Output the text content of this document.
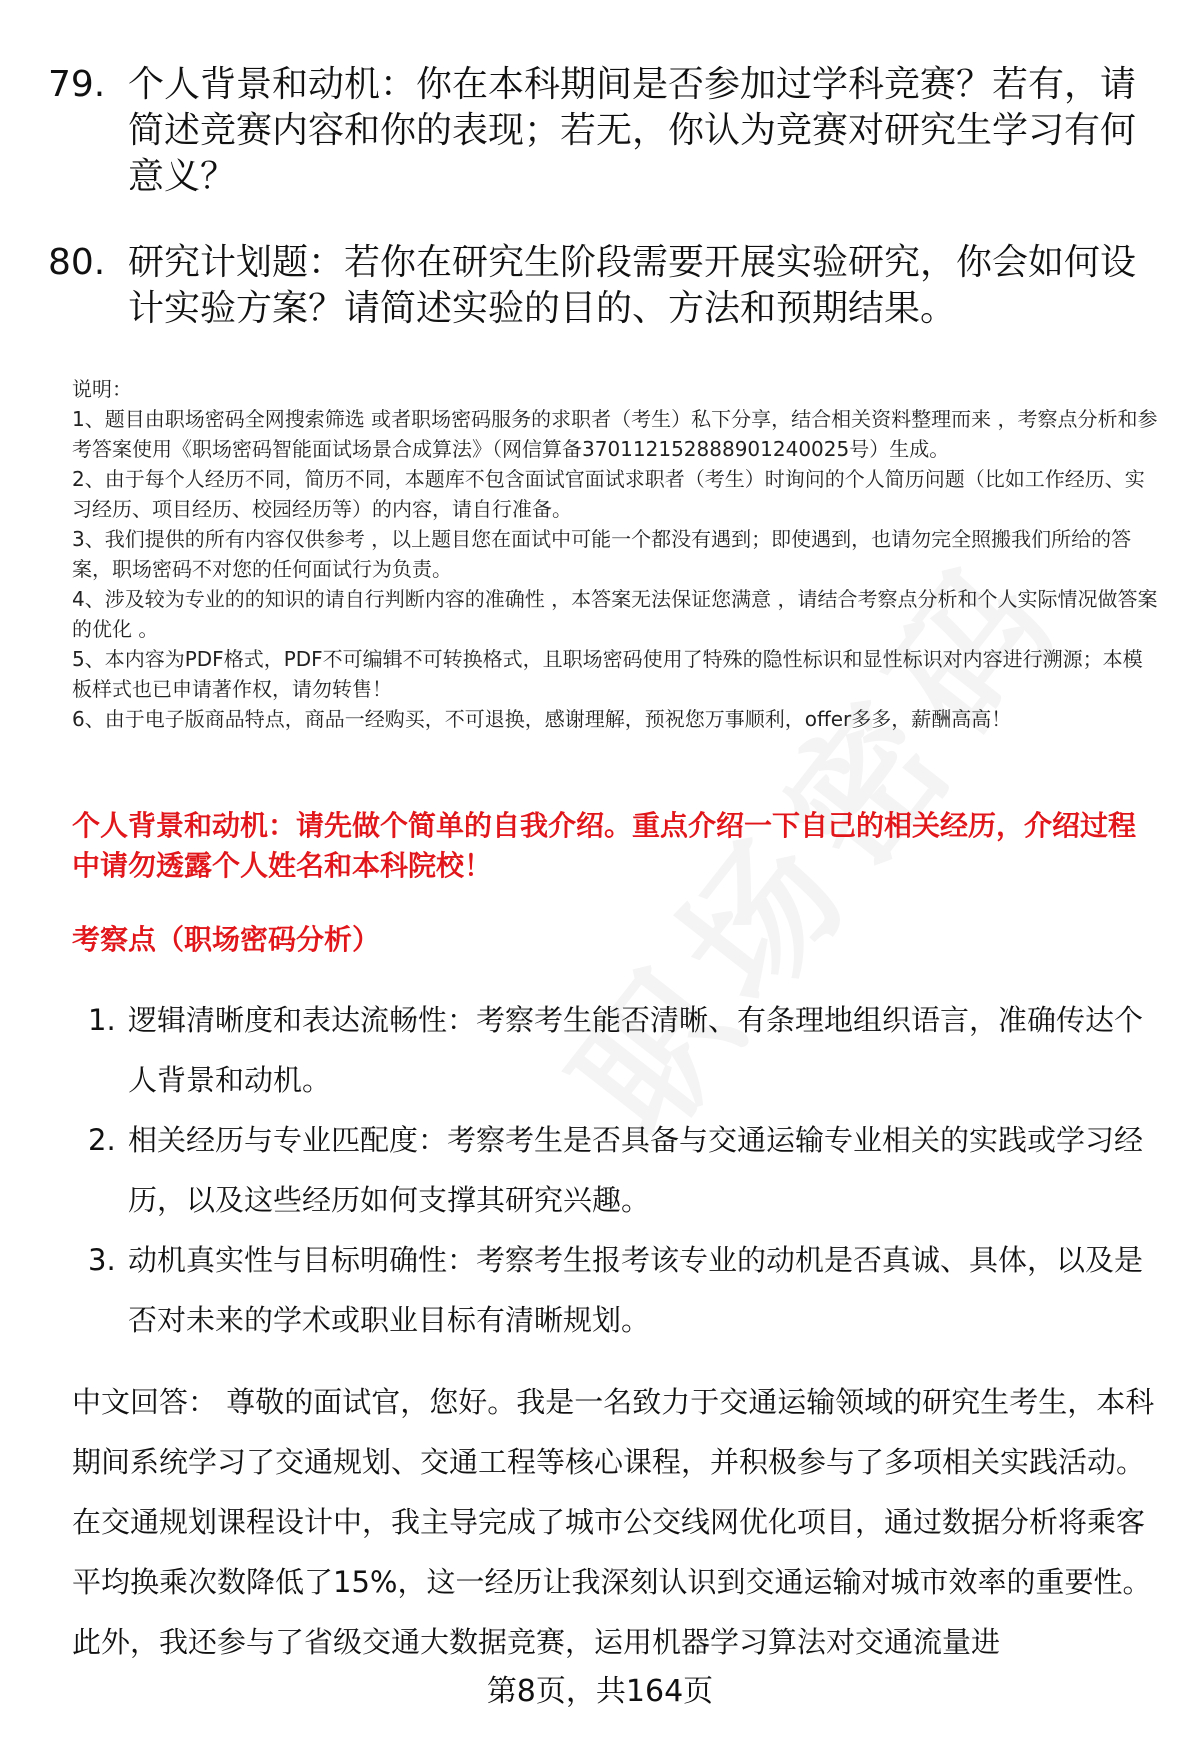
79. 个人背景和动机：你在本科期间是否参加过学科竞赛？若有，请简述竞赛内容和你的表现；若无，你认为竞赛对研究生学习有何意义？
80. 研究计划题：若你在研究生阶段需要开展实验研究，你会如何设计实验方案？请简述实验的目的、方法和预期结果。
说明：
1、题目由职场密码全网搜索筛选 或者职场密码服务的求职者（考生）私下分享，结合相关资料整理而来 ，考察点分析和参考答案使用《职场密码智能面试场景合成算法》（网信算备370112152888901240025号）生成。
2、由于每个人经历不同，简历不同，本题库不包含面试官面试求职者（考生）时询问的个人简历问题（比如工作经历、实习经历、项目经历、校园经历等）的内容，请自行准备。
3、我们提供的所有内容仅供参考 ，以上题目您在面试中可能一个都没有遇到；即使遇到，也请勿完全照搬我们所给的答案，职场密码不对您的任何面试行为负责。
4、涉及较为专业的的知识的请自行判断内容的准确性 ，本答案无法保证您满意 ，请结合考察点分析和个人实际情况做答案的优化 。
5、本内容为PDF格式，PDF不可编辑不可转换格式，且职场密码使用了特殊的隐性标识和显性标识对内容进行溯源；本模板样式也已申请著作权，请勿转售！
6、由于电子版商品特点，商品一经购买，不可退换，感谢理解，预祝您万事顺利，offer多多，薪酬高高！
个人背景和动机：请先做个简单的自我介绍。重点介绍一下自己的相关经历，介绍过程中请勿透露个人姓名和本科院校！
考察点（职场密码分析）
1. 逻辑清晰度和表达流畅性：考察考生能否清晰、有条理地组织语言，准确传达个人背景和动机。
2. 相关经历与专业匹配度：考察考生是否具备与交通运输专业相关的实践或学习经历，以及这些经历如何支撑其研究兴趣。
3. 动机真实性与目标明确性：考察考生报考该专业的动机是否真诚、具体，以及是否对未来的学术或职业目标有清晰规划。
中文回答： 尊敬的面试官，您好。我是一名致力于交通运输领域的研究生考生，本科期间系统学习了交通规划、交通工程等核心课程，并积极参与了多项相关实践活动。在交通规划课程设计中，我主导完成了城市公交线网优化项目，通过数据分析将乘客平均换乘次数降低了15%，这一经历让我深刻认识到交通运输对城市效率的重要性。此外，我还参与了省级交通大数据竞赛，运用机器学习算法对交通流量进
第8页，共164页
